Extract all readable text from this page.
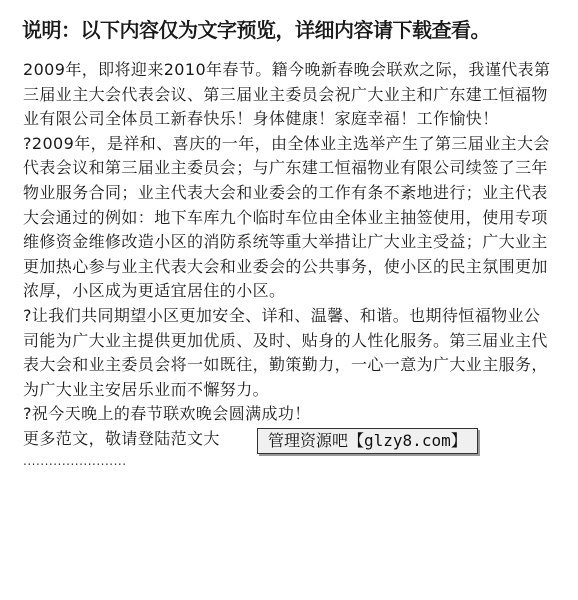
说明：以下内容仅为文字预览，详细内容请下载查看。

2009年，即将迎来2010年春节。籍今晚新春晚会联欢之际，我谨代表第三届业主大会代表会议、第三届业主委员会祝广大业主和广东建工恒福物业有限公司全体员工新春快乐！身体健康！家庭幸福！工作愉快！

?2009年，是祥和、喜庆的一年，由全体业主选举产生了第三届业主大会代表会议和第三届业主委员会；与广东建工恒福物业有限公司续签了三年物业服务合同；业主代表大会和业委会的工作有条不紊地进行；业主代表大会通过的例如：地下车库九个临时车位由全体业主抽签使用，使用专项维修资金维修改造小区的消防系统等重大举措让广大业主受益；广大业主更加热心参与业主代表大会和业委会的公共事务，使小区的民主氛围更加浓厚，小区成为更适宜居住的小区。

?让我们共同期望小区更加安全、详和、温馨、和谐。也期待恒福物业公司能为广大业主提供更加优质、及时、贴身的人性化服务。第三届业主代表大会和业主委员会将一如既往，勤策勤力，一心一意为广大业主服务，为广大业主安居乐业而不懈努力。

?祝今天晚上的春节联欢晚会圆满成功！

更多范文，敬请登陆范文大	管理资源吧【glzy8.com】
........................
